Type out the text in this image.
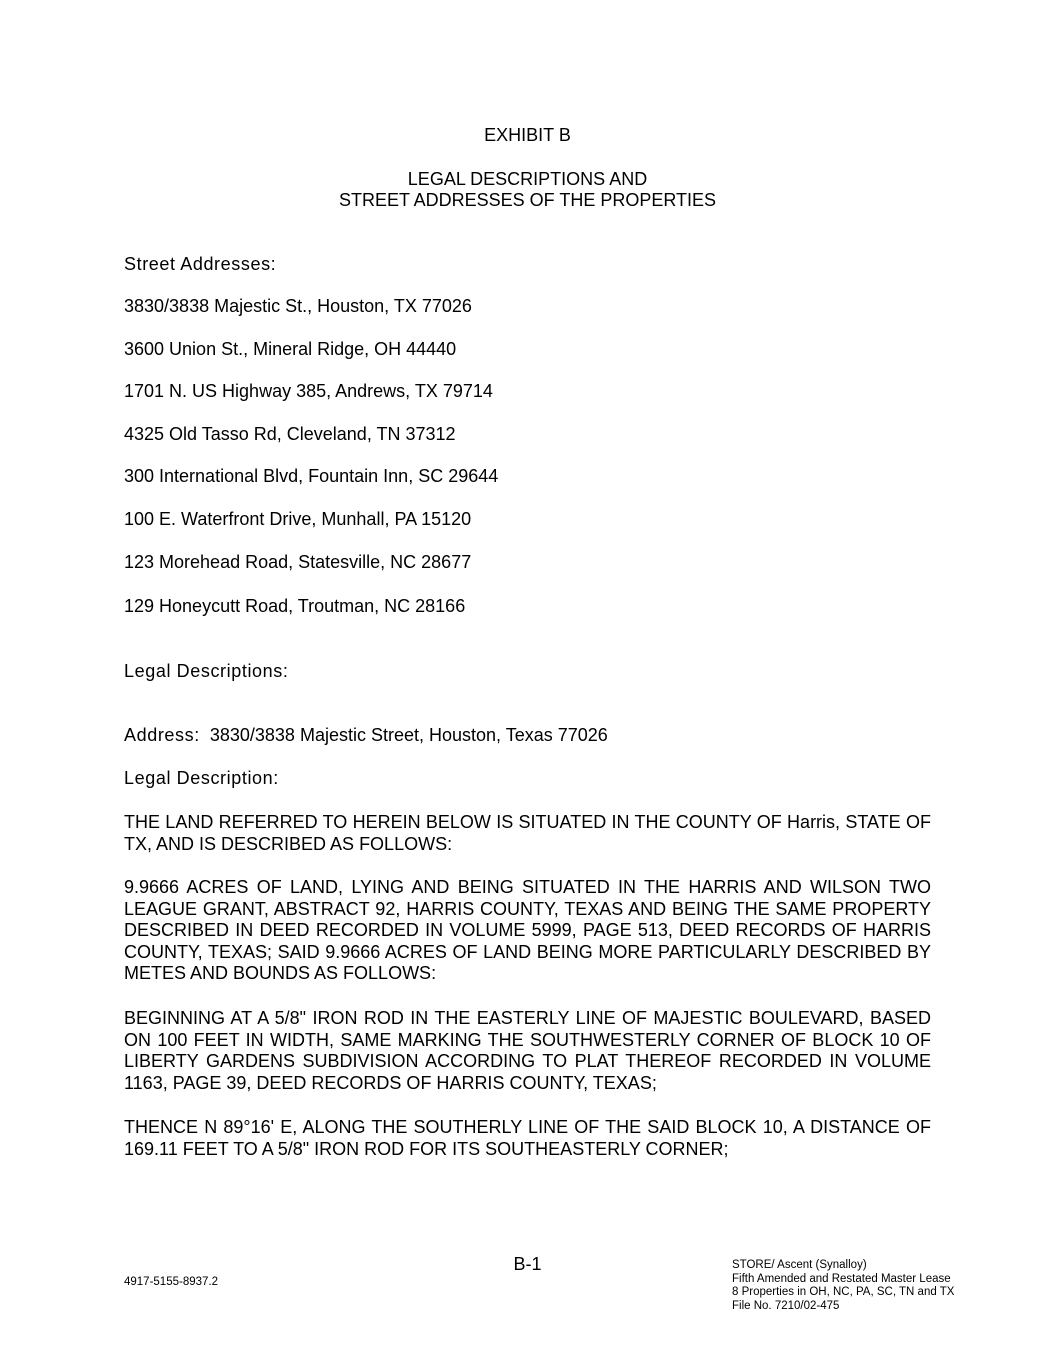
EXHIBIT B
LEGAL DESCRIPTIONS AND
STREET ADDRESSES OF THE PROPERTIES
Street Addresses:
3830/3838 Majestic St., Houston, TX 77026
3600 Union St., Mineral Ridge, OH 44440
1701 N. US Highway 385, Andrews, TX 79714
4325 Old Tasso Rd, Cleveland, TN 37312
300 International Blvd, Fountain Inn, SC 29644
100 E. Waterfront Drive, Munhall, PA 15120
123 Morehead Road, Statesville, NC 28677
129 Honeycutt Road, Troutman, NC 28166
Legal Descriptions:
Address: 3830/3838 Majestic Street, Houston, Texas 77026
Legal Description:
THE LAND REFERRED TO HEREIN BELOW IS SITUATED IN THE COUNTY OF Harris, STATE OF TX, AND IS DESCRIBED AS FOLLOWS:
9.9666 ACRES OF LAND, LYING AND BEING SITUATED IN THE HARRIS AND WILSON TWO LEAGUE GRANT, ABSTRACT 92, HARRIS COUNTY, TEXAS AND BEING THE SAME PROPERTY DESCRIBED IN DEED RECORDED IN VOLUME 5999, PAGE 513, DEED RECORDS OF HARRIS COUNTY, TEXAS; SAID 9.9666 ACRES OF LAND BEING MORE PARTICULARLY DESCRIBED BY METES AND BOUNDS AS FOLLOWS:
BEGINNING AT A 5/8" IRON ROD IN THE EASTERLY LINE OF MAJESTIC BOULEVARD, BASED ON 100 FEET IN WIDTH, SAME MARKING THE SOUTHWESTERLY CORNER OF BLOCK 10 OF LIBERTY GARDENS SUBDIVISION ACCORDING TO PLAT THEREOF RECORDED IN VOLUME 1163, PAGE 39, DEED RECORDS OF HARRIS COUNTY, TEXAS;
THENCE N 89°16' E, ALONG THE SOUTHERLY LINE OF THE SAID BLOCK 10, A DISTANCE OF 169.11 FEET TO A 5/8" IRON ROD FOR ITS SOUTHEASTERLY CORNER;
B-1
4917-5155-8937.2
STORE/ Ascent (Synalloy)
Fifth Amended and Restated Master Lease
8 Properties in OH, NC, PA, SC, TN and TX
File No. 7210/02-475
